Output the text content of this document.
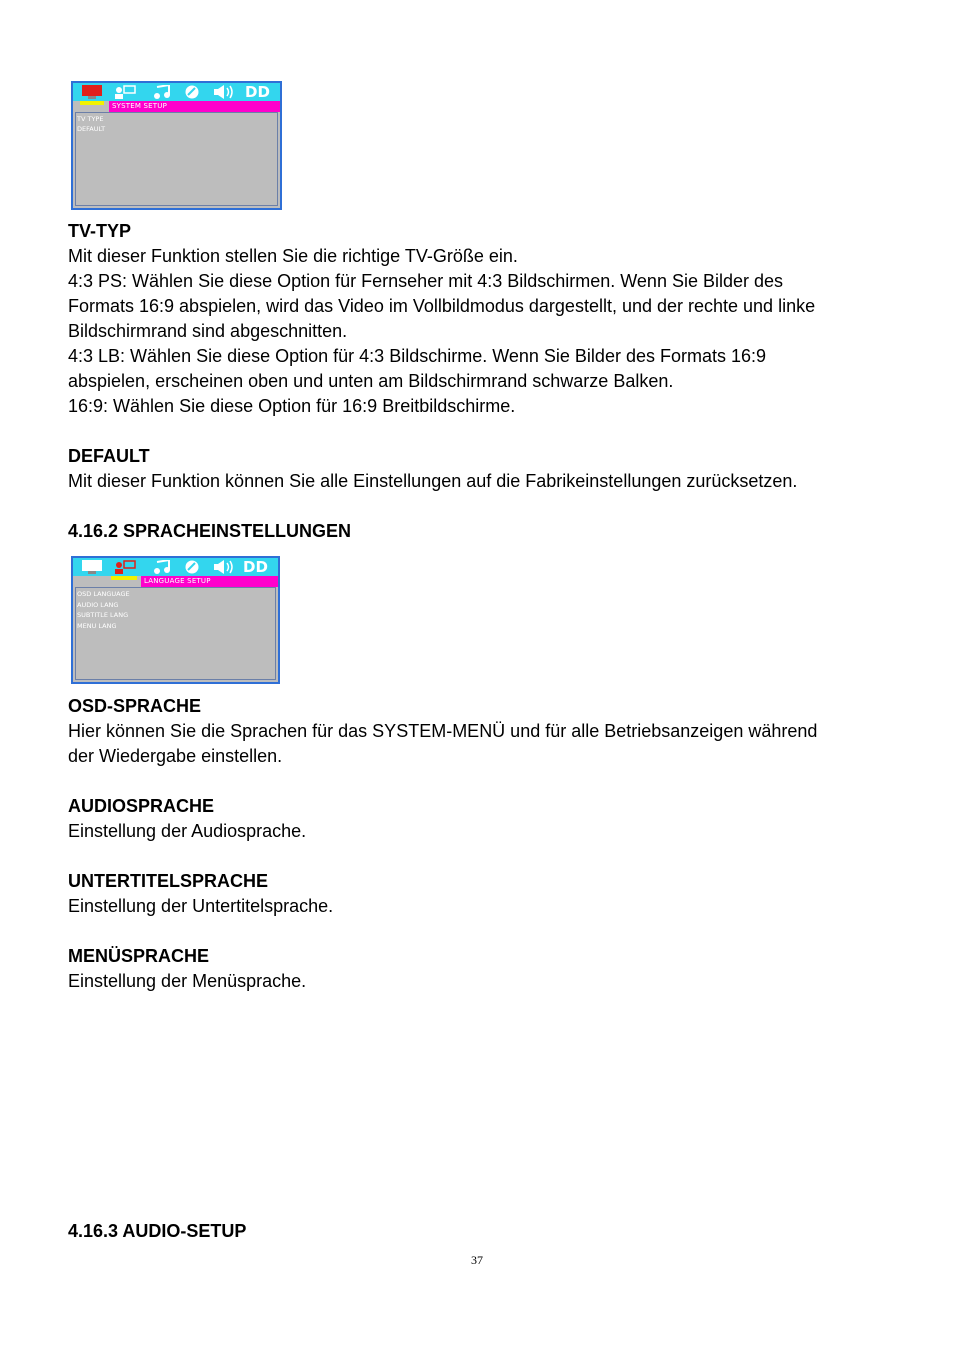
DD
SYSTEM SETUP
TV TYPE
DEFAULT
TV-TYP
Mit dieser Funktion stellen Sie die richtige TV-Größe ein.
4:3 PS: Wählen Sie diese Option für Fernseher mit 4:3 Bildschirmen. Wenn Sie Bilder des
Formats 16:9 abspielen, wird das Video im Vollbildmodus dargestellt, und der rechte und linke
Bildschirmrand sind abgeschnitten.
4:3 LB: Wählen Sie diese Option für 4:3 Bildschirme. Wenn Sie Bilder des Formats 16:9
abspielen, erscheinen oben und unten am Bildschirmrand schwarze Balken.
16:9: Wählen Sie diese Option für 16:9 Breitbildschirme.
DEFAULT
Mit dieser Funktion können Sie alle Einstellungen auf die Fabrikeinstellungen zurücksetzen.
4.16.2 SPRACHEINSTELLUNGEN
DD
LANGUAGE SETUP
OSD LANGUAGE
AUDIO LANG
SUBTITLE LANG
MENU LANG
OSD-SPRACHE
Hier können Sie die Sprachen für das SYSTEM-MENÜ und für alle Betriebsanzeigen während
der Wiedergabe einstellen.
AUDIOSPRACHE
Einstellung der Audiosprache.
UNTERTITELSPRACHE
Einstellung der Untertitelsprache.
MENÜSPRACHE
Einstellung der Menüsprache.
4.16.3 AUDIO-SETUP
37
